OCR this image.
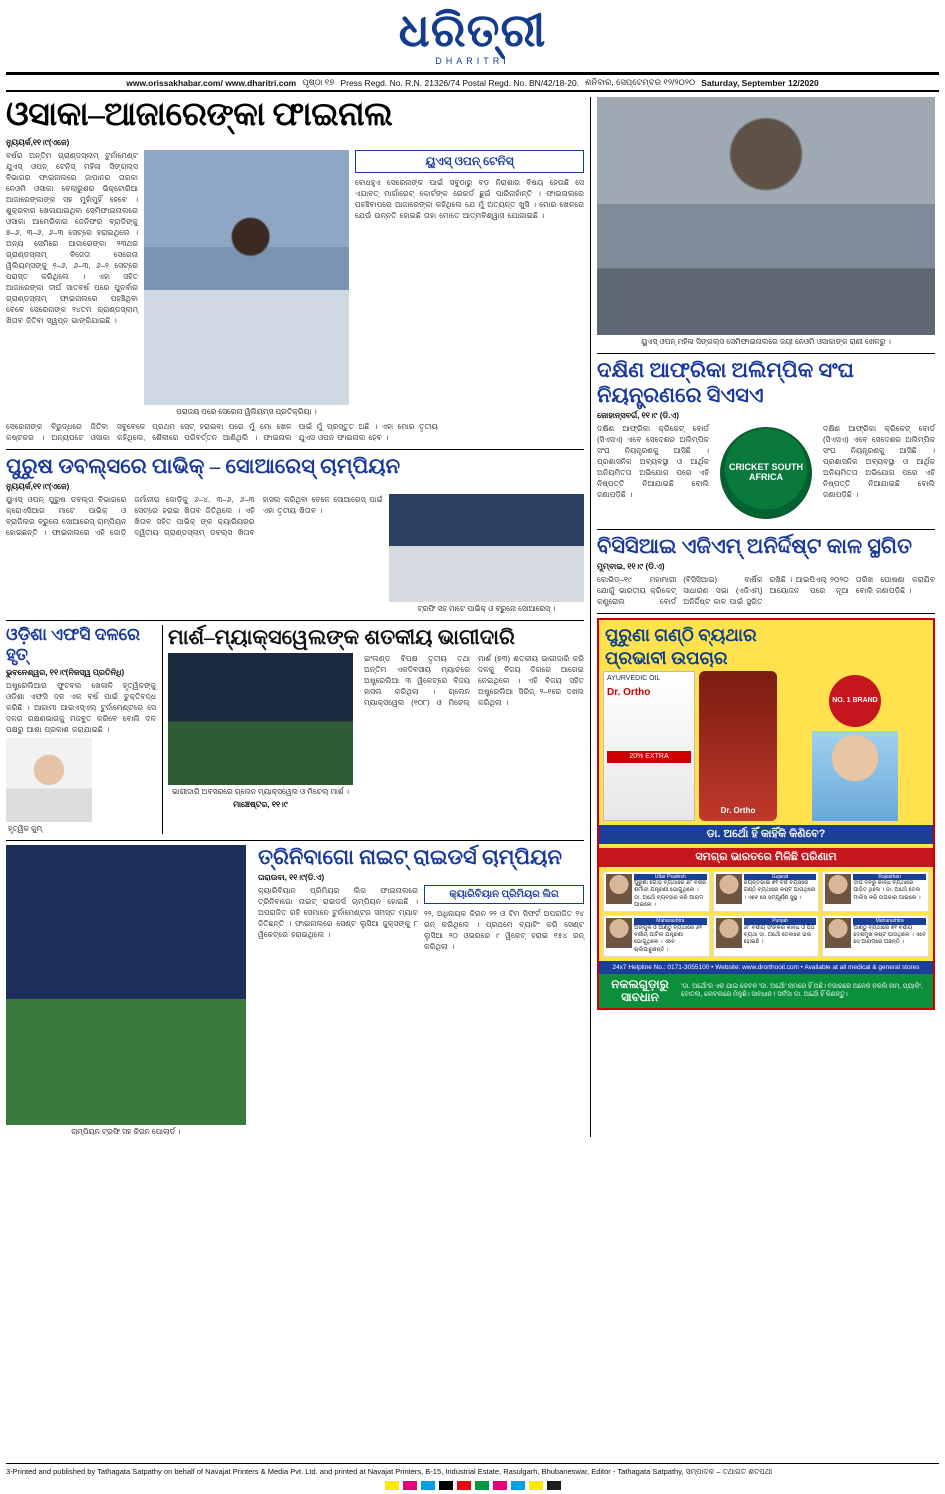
ଧରିତ୍ରୀ
DHARITRI
www.orissakhabar.com/ www.dharitri.com ପୃଷ୍ଠା ୧୭ Press Regd. No. R.N. 21326/74 Postal Regd. No. BN/42/18-20. ଶନିବାର, ସେପ୍ଟେମ୍ବର ୧୨/୨୦୨୦ Saturday, September 12/2020
ଓସାକା–ଆଜାରେଙ୍କା ଫାଇନାଲ
ନ୍ୟୁୟର୍କ,୧୧।୯(ଏଜେ)
ବର୍ଷର ଅନ୍ତିମ ଗ୍ରାଣ୍ଡସ୍ଲାମ୍ ଟୁର୍ନାମେଣ୍ଟ ଯୁଏସ୍ ଓପନ୍ ଟେନିସ୍ ମହିଳା ସିଙ୍ଗଲ୍ସ ବିଭାଗର ଫାଇନାଲରେ ଜାପାନର ତାରକା ନେଓମି ଓସାକା ବେଲାରୁଶର ଭିକ୍ଟୋରିଆ ଆଜାରେଙ୍କାଙ୍କ ସହ ମୁହାଁମୁହିଁ ହେବେ । ଶୁକ୍ରବାର ଖେଳାଯାଇଥିବା ସେମିଫାଇନାଲରେ ଓସାକା ଆମେରିକାର ଜେନିଫର ବ୍ରାଡିଙ୍କୁ ୭–୬, ୩–୬, ୬–୩ ସେଟ୍‌ରେ ହରାଇଥିଲେ । ଅନ୍ୟ ସେମିରେ ଆଜାରେଙ୍କା ୨୩ଥର ଗ୍ରାଣ୍ଡସ୍ଲାମ୍ ବିଜେତା ସେରେନା ୱିଲିୟମ୍ସଙ୍କୁ ୧–୬, ୬–୩, ୬–୨ ସେଟ୍‌ରେ ପରାସ୍ତ କରିଥିଲେ । ଏହା ସହିତ ଆଜାରେଙ୍କା ଦୀର୍ଘ ସାତବର୍ଷ ପରେ ପୁନର୍ବାର ଗ୍ରାଣ୍ଡସ୍ଲାମ୍ ଫାଇନାଲରେ ପହଞ୍ଚିଥିବା ବେଳେ ସେରେନାଙ୍କ ୨୪ତମ ଗ୍ରାଣ୍ଡସ୍ଲାମ୍ ଖିତାବ ଜିତିବା ସ୍ୱପ୍ନ ଭାଙ୍ଗିଯାଇଛି ।
ପରାଜୟ ପରେ ସେରେନା ୱିଲିୟମ୍ସ ପ୍ରତିକ୍ରିୟା ।
ୟୁଏସ୍ ଓପନ୍ ଟେନିସ୍
ବୋଧହୁଏ ସେରେନାଙ୍କ ପାଇଁ ସବୁଠାରୁ ବଡ଼ ନିରାଶାର ବିଷୟ ହେଉଛି ସେ ଏଯାବତ୍ ମାର୍ଗାରେଟ୍ କୋର୍ଟଙ୍କ ରେକର୍ଡ ଛୁଇଁ ପାରିନାହାଁନ୍ତି । ଫାଇନାଲରେ ପହଞ୍ଚିବାପରେ ଆଜାରେଙ୍କା କହିଥିଲେ ଯେ ମୁଁ ଅତ୍ୟନ୍ତ ଖୁସି । ମୋର ଖେଳରେ ଯେଉଁ ଉନ୍ନତି ହୋଇଛି ତାହା ମୋତେ ଆତ୍ମବିଶ୍ୱାସ ଯୋଗାଇଛି ।
ସେରେନାଙ୍କ ବିରୁଦ୍ଧରେ ଜିତିବା ସବୁବେଳେ କଷ୍ଟକର । ଅନ୍ୟପଟେ ଓସାକା କହିଥିଲେ, ପ୍ରଥମ ସେଟ୍ ହରାଇବା ପରେ ମୁଁ ମୋ ଖେଳ ଶୈଳୀରେ ପରିବର୍ତ୍ତନ ଆଣିଥିଲି । ଫାଇନାଲ ପାଇଁ ମୁଁ ପ୍ରସ୍ତୁତ ଅଛି । ଏହା ମୋର ତୃତୀୟ ଯୁଏସ ଓପନ ଫାଇନାଲ ହେବ ।
ପୁରୁଷ ଡବଲ୍ସରେ ପାଭିକ୍ – ସୋଆରେସ୍ ଚାମ୍ପିୟନ
ନ୍ୟୁୟର୍କ,୧୧।୯(ଏଜେ)
ୟୁଏସ୍ ଓପନ୍ ପୁରୁଷ ଡବଲ୍ସ ବିଭାଗରେ କ୍ରୋଏସିଆର ମାଟେ ପାଭିକ୍ ଓ ବ୍ରାଜିଲର ବ୍ରୁନୋ ସୋଆରେସ୍ ଚାମ୍ପିୟନ ହୋଇଛନ୍ତି । ଫାଇନାଲରେ ଏହି ଜୋଡ଼ି ଜର୍ମାନୀର ଜୋଡ଼ିକୁ ୬–୪, ୩–୬, ୬–୩ ସେଟ୍‌ରେ ହରାଇ ଖିତାବ ଜିତିଥିଲେ । ଏହି ଖିତାବ ସହିତ ପାଭିକ୍ ଙ୍କ କ୍ୟାରିୟରର ଦ୍ୱିତୀୟ ଗ୍ରାଣ୍ଡସ୍ଲାମ୍ ଡବଲ୍ସ ଖିତାବ ହାସଲ କରିଥିବା ବେଳେ ସୋଆରେସ୍ ପାଇଁ ଏହା ତୃତୀୟ ଖିତାବ ।
ଟ୍ରଫି ସହ ମାଟେ ପାଭିକ୍ ଓ ବ୍ରୁନୋ ସୋଆରେସ୍ ।
ଓଡ଼ିଶା ଏଫସି ଦଳରେ ହୃତ୍
ଭୁବନେଶ୍ୱର, ୧୧।୯(ନିଜସ୍ୱ ପ୍ରତିନିଧି)
ଅଷ୍ଟ୍ରେଲିଆର ଫୁଟବଲ ଖେଳାଳି ହୃତ୍ୱିକଙ୍କୁ ଓଡ଼ିଶା ଏଫସି ଦଳ ଏକ ବର୍ଷ ପାଇଁ ଚୁକ୍ତିବଦ୍ଧ କରିଛି । ଆଗାମୀ ଆଇଏସ୍ଏଲ୍ ଟୁର୍ନାମେଣ୍ଟରେ ସେ ଦଳର ରକ୍ଷଣଭାଗକୁ ମଜବୁତ କରିବେ ବୋଲି ଦଳ ପକ୍ଷରୁ ଆଶା ପ୍ରକାଶ କରାଯାଇଛି ।
ହୃତ୍ୱିକ କୁମ୍
ମାର୍ଶ–ମ୍ୟାକ୍ସୱେଲଙ୍କ ଶତକୀୟ ଭାଗୀଦାରି
ଭାଗୀଦାରି ଅବସରରେ ଗ୍ଲେନ ମ୍ୟାକ୍ସୱେଲ ଓ ମିଚେଲ୍ ମାର୍ଶ ।
ମାଞ୍ଚେଷ୍ଟର, ୧୧।୯
ଇଂଲଣ୍ଡ ବିପକ୍ଷ ତୃତୀୟ ତଥା ଅନ୍ତିମ ଏକଦିବସୀୟ ମ୍ୟାଚରେ ଅଷ୍ଟ୍ରେଲିଆ ୩ ୱିକେଟ୍‌ରେ ବିଜୟ ହାସଲ କରିଥିଲା । ଗ୍ଲେନ ମ୍ୟାକ୍ସୱେଲ (୧୦୮) ଓ ମିଚେଲ୍ ମାର୍ଶ (୭୩) ଶତକୀୟ ଭାଗୀଦାରି କରି ଦଳକୁ ବିଜୟ ଦିଗରେ ଆଗେଇ ନେଇଥିଲେ । ଏହି ବିଜୟ ସହିତ ଅଷ୍ଟ୍ରେଲିଆ ସିରିଜ୍ ୨–୧ରେ ଦଖଲ କରିଥିଲା ।
ଚାମ୍ପିୟନ ଟ୍ରଫି ସହ କିରନ ପୋଲାର୍ଡ ।
ତ୍ରିନିବାଗୋ ନାଇଟ୍ ରାଇଡର୍ସ ଚାମ୍ପିୟନ
ତାରାଉବା, ୧୧।୯(ଡି.ଏ)
କ୍ୟାରିବିୟାନ ପ୍ରିମିୟର ଲିଗ ଫାଇନାଲରେ ତ୍ରିନିବାଗୋ ନାଇଟ୍ ରାଇଡର୍ସ ଚାମ୍ପିୟନ ହୋଇଛି । ଅପରାଜିତ ରହି ସେମାନେ ଟୁର୍ନାମେଣ୍ଟର ସମସ୍ତ ମ୍ୟାଚ ଜିତିଛନ୍ତି । ଫାଇନାଲରେ ସେଣ୍ଟ ଲୁସିଆ ଜୁକ୍ସଙ୍କୁ ୮ ୱିକେଟ୍‌ରେ ହରାଇଥିଲେ ।
କ୍ୟାରିବିୟାନ ପ୍ରିମିୟର ଲିଗ
୨୨, ଅଧିନାୟକ କିରନ ୨୨ ଓ ଟିମ ସିଫର୍ଟ ଅପରାଜିତ ୨୪ ରନ୍ କରିଥିଲେ । ପ୍ରଥମେ ବ୍ୟାଟିଂ କରି ସେଣ୍ଟ ଲୁସିଆ ୨୦ ଓଭରରେ ୯ ୱିକେଟ୍ ହରାଇ ୧୫୪ ରନ୍ କରିଥିଲା ।
ୟୁଏସ୍ ଓପନ୍ ମହିଳା ସିଙ୍ଗଲ୍ସ ସେମିଫାଇନାଲରେ ଜୟୀ ନେଓମି ଓସାକାଙ୍କ ରାଣୀ ଖେଳରୁ ।
ଦକ୍ଷିଣ ଆଫ୍ରିକା ଅଲିମ୍ପିକ ସଂଘ ନିୟନ୍ତ୍ରଣରେ ସିଏସଏ
ଜୋହାନ୍ସବର୍ଗ, ୧୧।୯ (ଡି.ଏ)
ଦକ୍ଷିଣ ଆଫ୍ରିକା କ୍ରିକେଟ୍ ବୋର୍ଡ (ସିଏସଏ) ଏବେ ସେଦେଶର ଅଲିମ୍ପିକ ସଂଘ ନିୟନ୍ତ୍ରଣକୁ ଆସିଛି । ପ୍ରଶାସନିକ ଅବ୍ୟବସ୍ଥା ଓ ଆର୍ଥିକ ଅନିୟମିତତା ଅଭିଯୋଗ ପରେ ଏହି ନିଷ୍ପତ୍ତି ନିଆଯାଇଛି ବୋଲି ଜଣାପଡ଼ିଛି ।
CRICKET SOUTH AFRICA
ଦକ୍ଷିଣ ଆଫ୍ରିକା କ୍ରିକେଟ୍ ବୋର୍ଡ (ସିଏସଏ) ଏବେ ସେଦେଶର ଅଲିମ୍ପିକ ସଂଘ ନିୟନ୍ତ୍ରଣକୁ ଆସିଛି । ପ୍ରଶାସନିକ ଅବ୍ୟବସ୍ଥା ଓ ଆର୍ଥିକ ଅନିୟମିତତା ଅଭିଯୋଗ ପରେ ଏହି ନିଷ୍ପତ୍ତି ନିଆଯାଇଛି ବୋଲି ଜଣାପଡ଼ିଛି ।
ବିସିସିଆଇ ଏଜିଏମ୍ ଅନିର୍ଦ୍ଦିଷ୍ଟ କାଳ ସ୍ଥଗିତ
ମୁମ୍ବାଇ, ୧୧।୯ (ଡି.ଏ)
କୋଭିଡ୍–୧୯ ମହାମାରୀ ଯୋଗୁଁ ଭାରତୀୟ କ୍ରିକେଟ୍ କଣ୍ଟ୍ରୋଲ ବୋର୍ଡ (ବିସିସିଆଇ) ବାର୍ଷିକ ସାଧାରଣ ସଭା (ଏଜିଏମ୍) ଅନିର୍ଦ୍ଦିଷ୍ଟ କାଳ ପାଇଁ ସ୍ଥଗିତ ରଖିଛି । ଆଇପିଏଲ୍ ୨୦୨୦ ଆୟୋଜନ ପରେ ନୂଆ ତାରିଖ ଘୋଷଣା କରାଯିବ ବୋଲି ଜଣାପଡ଼ିଛି ।
ପୁରୁଣା ଗଣ୍ଠି ବ୍ୟଥାର
ପ୍ରଭାବୀ ଉପଚାର
AYURVEDIC OIL
Dr. Ortho
20% EXTRA
Dr. Ortho
NO. 1 BRAND
ଡା. ଅର୍ଥୋ ହିଁ କାହିଁକି କିଣିବେ?
ସମଗ୍ର ଭାରତରେ ମିଳିଛି ପରିଣାମ
Uttar Pradesh
ପୁରୁଣା ଗୋଡ଼ ବ୍ୟଥାରେ ୬୮ ବର୍ଷର ଶର୍ମାଜୀ ଯନ୍ତ୍ରଣା ଭୋଗୁଥିଲେ । ଡା. ଅର୍ଥୋ ବ୍ୟବହାର କରି ଆରାମ ପାଇଲେ ।
Gujarat
ଜୟନ୍ତିଭାଇ ୭୧ ବର୍ଷ ବୟସରେ ଗଣ୍ଠି ବ୍ୟଥାରେ କଷ୍ଟ ପାଉଥିଲେ । ଏବେ ସେ ସମ୍ପୂର୍ଣ୍ଣ ସୁସ୍ଥ ।
Rajasthan
ଦୀର୍ଘ ଦିନରୁ କାନ୍ଧ ବ୍ୟଥାରେ ପୀଡ଼ିତ ଥିଲେ । ଡା. ଅର୍ଥୋ ତେଲ ମାଲିସ କରି ଉପକାର ପାଇଲେ ।
Maharashtra
ଅଙ୍ଗୁଳି ଓ ଆଣ୍ଠୁ ବ୍ୟଥାରେ ୬୧ ବର୍ଷୀୟ ପାଟିଲ ଯନ୍ତ୍ରଣା ଭୋଗୁଥିଲେ । ଏବେ ଚାଲିପାରୁଛନ୍ତି ।
Punjab
୬୮ ବର୍ଷୀୟ ସିଂଙ୍କର କାନ୍ଧ ଓ ପିଠି ବ୍ୟଥା ଡା. ଅର୍ଥୋ ତେଲରେ ଭଲ ହୋଇଛି ।
Maharashtra
ଆଣ୍ଠୁ ବ୍ୟଥାରେ ୭୧ ବର୍ଷୀୟ ଦେଶମୁଖ କଷ୍ଟ ପାଉଥିଲେ । ଏବେ ସେ ଆରାମରେ ଅଛନ୍ତି ।
24x7 Helpline No.: 0171-3055100 • Website: www.drorthooil.com • Available at all medical & general stores
ନକଲଗୁଡ଼ାରୁ ସାବଧାନ
'ଡା. ଅର୍ଥୋ'ର ଏକ ଯାଇ କେବଳ 'ଡା. ଅର୍ଥୋ' ନାମରେ ହିଁ ଅଛି। ବଜାରରେ ଅନେକ ନକଲି ନାମ, ପ୍ୟାକିଂ, ବୋତଲ, ଲେବଲରେ ମିଳୁଛି। ସାବଧାନ ! ସର୍ବଦା ଡା. ଅର୍ଥୋ ହିଁ କିଣନ୍ତୁ।
3-Printed and published by Tathagata Satpathy on behalf of Navajat Printers & Media Pvt. Ltd. and printed at Navajat Printers, B-15, Industrial Estate, Rasulgarh, Bhubaneswar, Editor - Tathagata Satpathy, ସମ୍ପାଦକ – ତଥାଗତ ଶତପଥୀ
